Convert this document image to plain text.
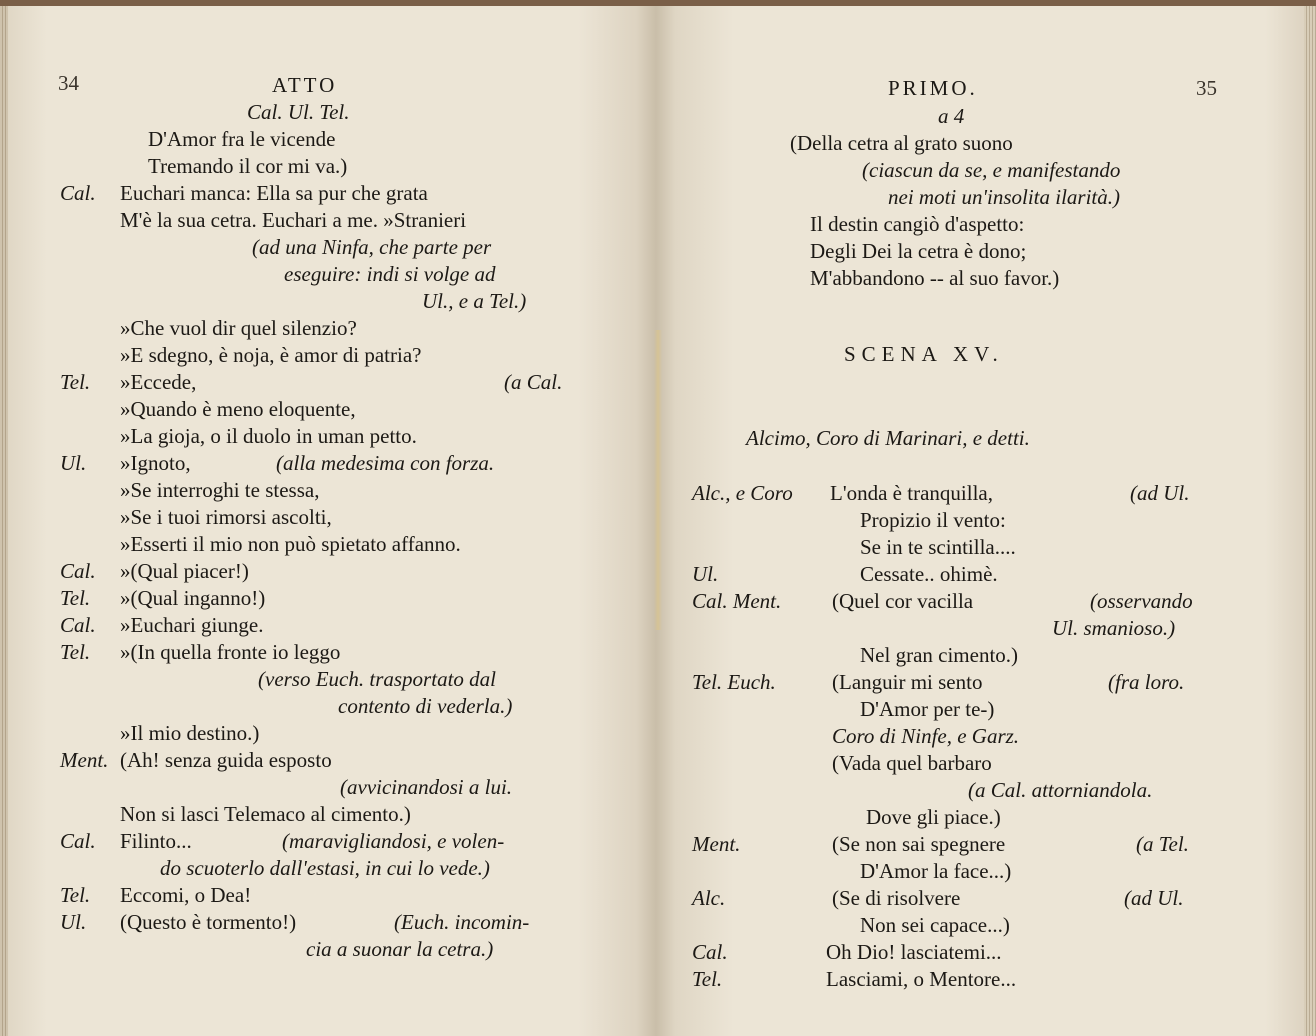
34	ATTO
Cal. Ul. Tel.
D'Amor fra le vicende
Tremando il cor mi va.)
Cal. Euchari manca: Ella sa pur che grata
M'è la sua cetra. Euchari a me. »Stranieri
(ad una Ninfa, che parte per
eseguire: indi si volge ad
Ul., e a Tel.)
»Che vuol dir quel silenzio?
»E sdegno, è noja, è amor di patria?
Tel. »Eccede,	(a Cal.
»Quando è meno eloquente,
»La gioja, o il duolo in uman petto.
Ul. »Ignoto,	(alla medesima con forza.
»Se interroghi te stessa,
»Se i tuoi rimorsi ascolti,
»Esserti il mio non può spietato affanno.
Cal. »(Qual piacer!)
Tel. »(Qual inganno!)
Cal. »Euchari giunge.
Tel. »(In quella fronte io leggo
(verso Euch. trasportato dal
contento di vederla.)
»Il mio destino.)
Ment. (Ah! senza guida esposto
(avvicinandosi a lui.
Non si lasci Telemaco al cimento.)
Cal. Filinto...	(maravigliandosi, e volen-
do scuoterlo dall'estasi, in cui lo vede.)
Tel. Eccomi, o Dea!
Ul. (Questo è tormento!)	(Euch. incomin-
cia a suonar la cetra.)
PRIMO.	35
a 4
(Della cetra al grato suono
(ciascun da se, e manifestando
nei moti un'insolita ilarità.)
Il destin cangiò d'aspetto:
Degli Dei la cetra è dono;
M'abbandono -- al suo favor.)
SCENA XV.
Alcimo, Coro di Marinari, e detti.
Alc., e Coro L'onda è tranquilla,	(ad Ul.
Propizio il vento:
Se in te scintilla....
Ul.	Cessate.. ohimè.
Cal. Ment. (Quel cor vacilla	(osservando
Ul. smanioso.)
Nel gran cimento.)
Tel. Euch.	(Languir mi sento	(fra loro.
D'Amor per te-)
Coro di Ninfe, e Garz.
(Vada quel barbaro
(a Cal. attorniandola.
Dove gli piace.)
Ment.	(Se non sai spegnere	(a Tel.
D'Amor la face...)
Alc.	(Se di risolvere	(ad Ul.
Non sei capace...)
Cal.	Oh Dio! lasciatemi...
Tel.	Lasciami, o Mentore...
